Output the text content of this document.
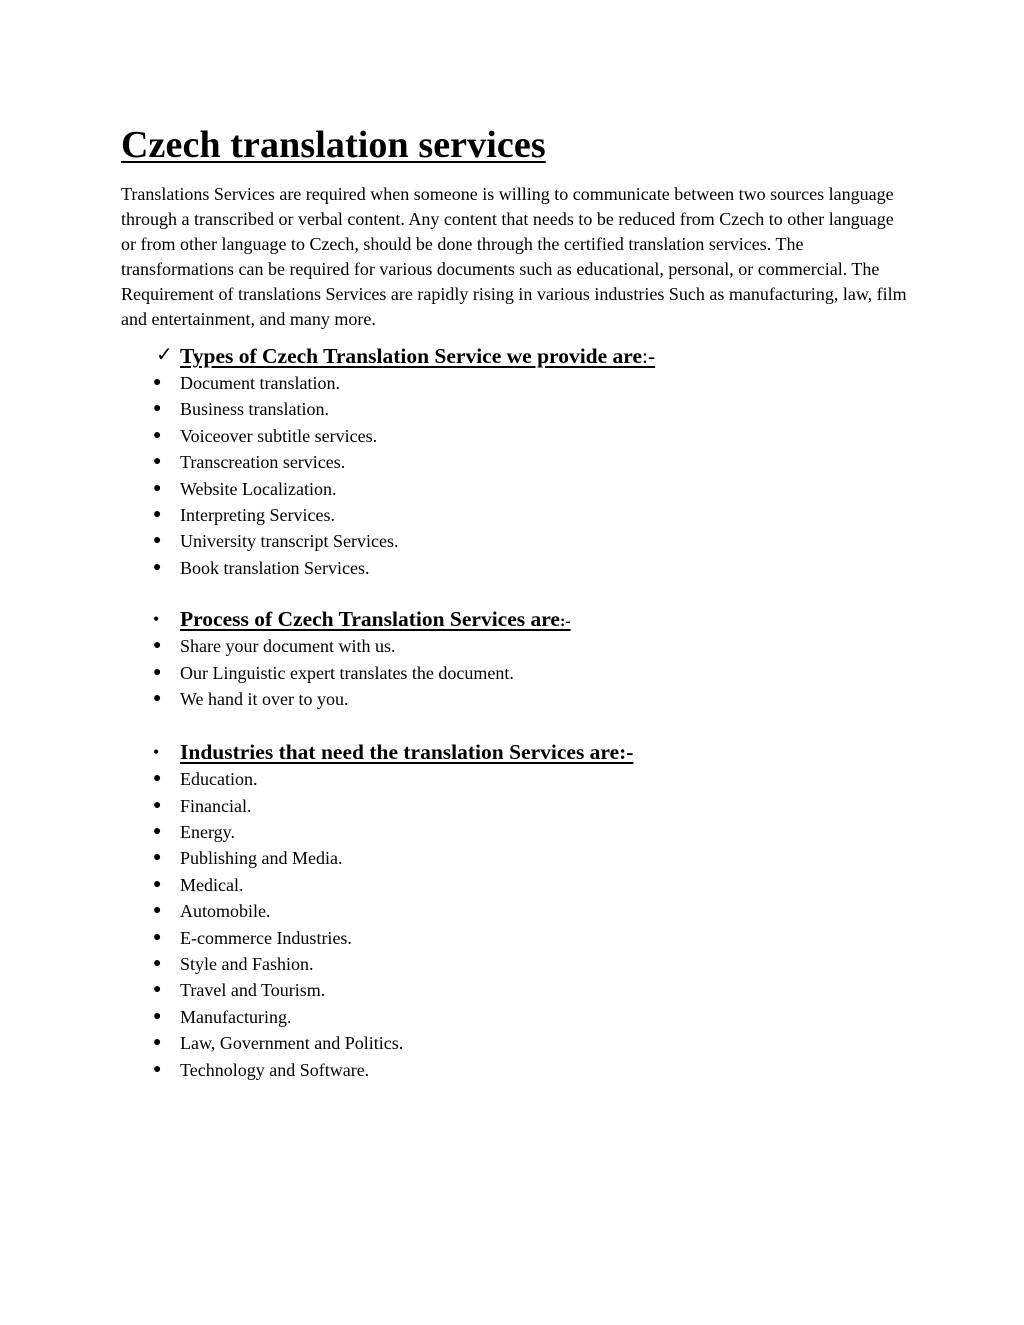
Czech translation services

Translations Services are required when someone is willing to communicate between two sources language through a transcribed or verbal content. Any content that needs to be reduced from Czech to other language or from other language to Czech, should be done through the certified translation services. The transformations can be required for various documents such as educational, personal, or commercial. The Requirement of translations Services are rapidly rising in various industries Such as manufacturing, law, film and entertainment, and many more.

✓ Types of Czech Translation Service we provide are:-
● Document translation.
● Business translation.
● Voiceover subtitle services.
● Transcreation services.
● Website Localization.
● Interpreting Services.
● University transcript Services.
● Book translation Services.
• Process of Czech Translation Services are:-
● Share your document with us.
● Our Linguistic expert translates the document.
● We hand it over to you.
• Industries that need the translation Services are:-
● Education.
● Financial.
● Energy.
● Publishing and Media.
● Medical.
● Automobile.
● E-commerce Industries.
● Style and Fashion.
● Travel and Tourism.
● Manufacturing.
● Law, Government and Politics.
● Technology and Software.
